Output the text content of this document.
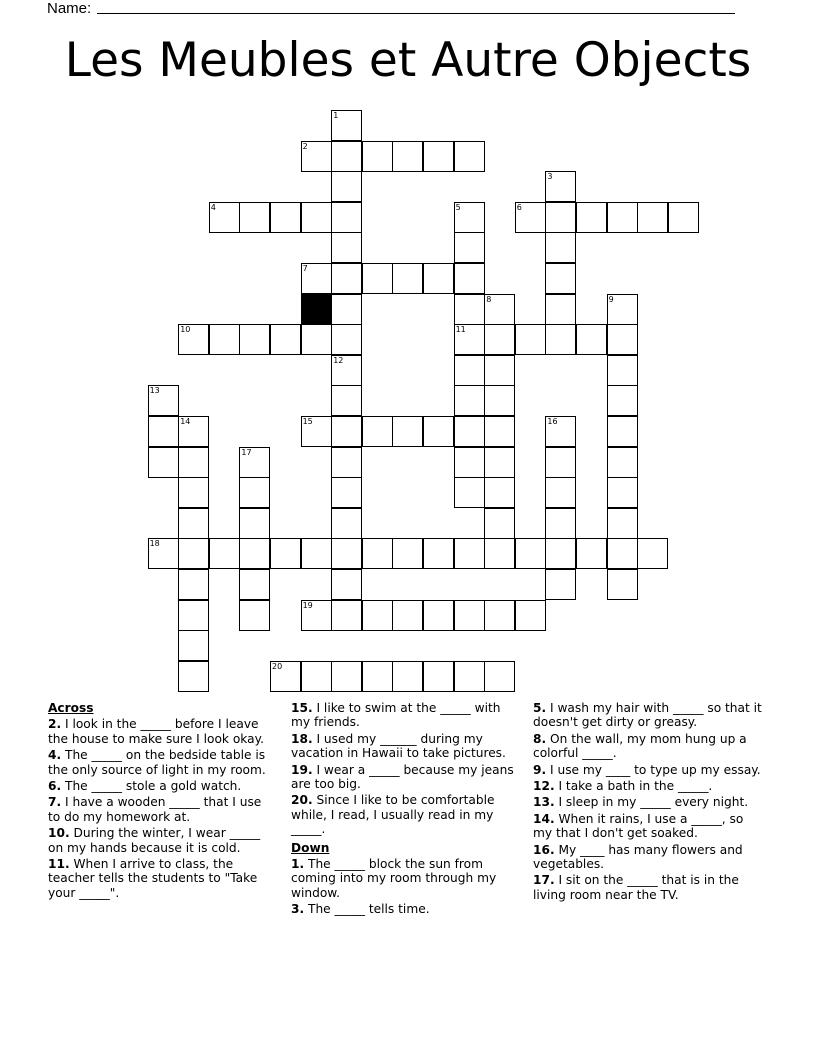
Name:
Les Meubles et Autre Objects
1
2
3
4	5
11
6
7
8	9
10
12
13
14	15	16
17
18
19
20
Across
2. I look in the _____ before I leave the house to make sure I look okay.
4. The _____ on the bedside table is the only source of light in my room.
6. The _____ stole a gold watch.
7. I have a wooden _____ that I use to do my homework at.
10. During the winter, I wear _____ on my hands because it is cold.
11. When I arrive to class, the teacher tells the students to "Take your _____".
15. I like to swim at the _____ with my friends.
18. I used my ______ during my vacation in Hawaii to take pictures.
19. I wear a _____ because my jeans are too big.
20. Since I like to be comfortable while, I read, I usually read in my _____.
Down
1. The _____ block the sun from coming into my room through my window.
3. The _____ tells time.
5. I wash my hair with _____ so that it doesn't get dirty or greasy.
8. On the wall, my mom hung up a colorful _____.
9. I use my ____ to type up my essay.
12. I take a bath in the _____.
13. I sleep in my _____ every night.
14. When it rains, I use a _____, so my that I don't get soaked.
16. My ____ has many flowers and vegetables.
17. I sit on the _____ that is in the living room near the TV.
